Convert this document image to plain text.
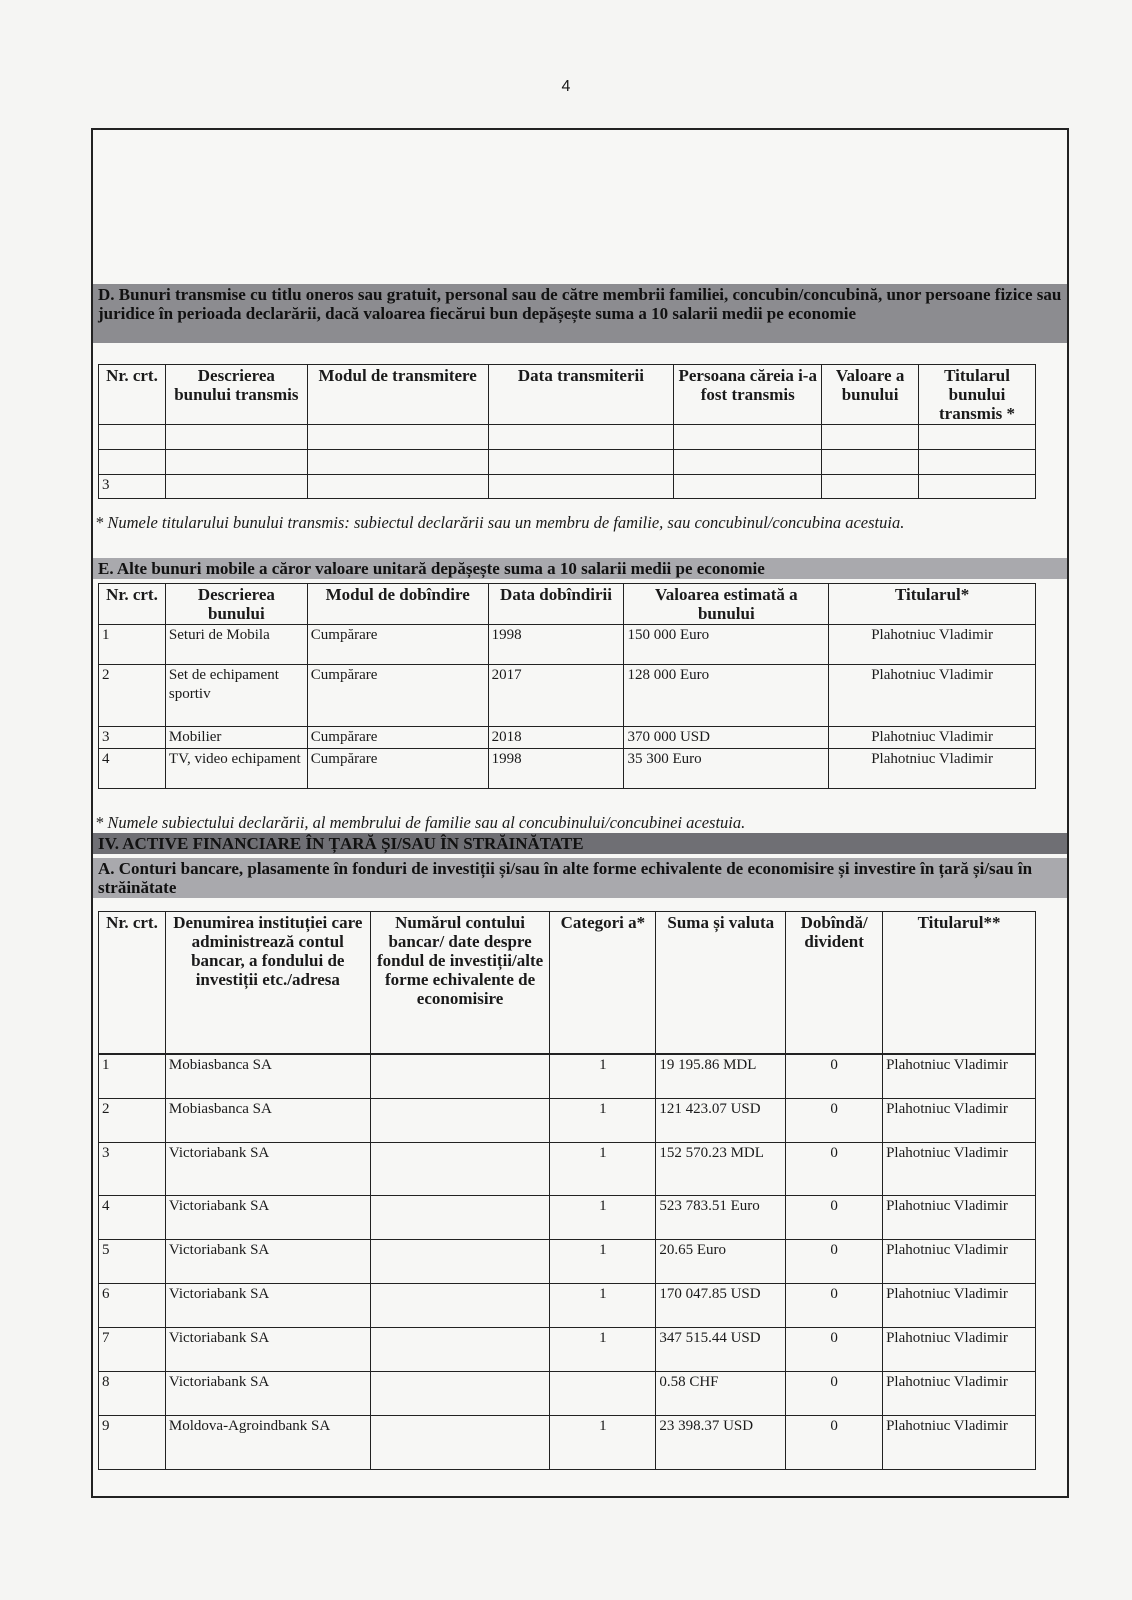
4
D. Bunuri transmise cu titlu oneros sau gratuit, personal sau de către membrii familiei, concubin/concubină, unor persoane fizice sau juridice în perioada declarării, dacă valoarea fiecărui bun depășește suma a 10 salarii medii pe economie
Nr. crt.	Descrierea bunului transmis	Modul de transmitere	Data transmiterii	Persoana căreia i-a fost transmis	Valoare a bunului	Titularul bunului transmis *

3						
* Numele titularului bunului transmis: subiectul declarării sau un membru de familie, sau concubinul/concubina acestuia.
E. Alte bunuri mobile a căror valoare unitară depășește suma a 10 salarii medii pe economie
Nr. crt.	Descrierea bunului	Modul de dobîndire	Data dobîndirii	Valoarea estimată a bunului	Titularul*
1	Seturi de Mobila	Cumpărare	1998	150 000 Euro	Plahotniuc Vladimir
2	Set de echipament sportiv	Cumpărare	2017	128 000 Euro	Plahotniuc Vladimir
3	Mobilier	Cumpărare	2018	370 000 USD	Plahotniuc Vladimir
4	TV, video echipament	Cumpărare	1998	35 300 Euro	Plahotniuc Vladimir
* Numele subiectului declarării, al membrului de familie sau al concubinului/concubinei acestuia.
IV. ACTIVE FINANCIARE ÎN ȚARĂ ȘI/SAU ÎN STRĂINĂTATE
A. Conturi bancare, plasamente în fonduri de investiții și/sau în alte forme echivalente de economisire și investire în țară și/sau în străinătate
Nr. crt.	Denumirea instituției care administrează contul bancar, a fondului de investiții etc./adresa	Numărul contului bancar/ date despre fondul de investiții/alte forme echivalente de economisire	Categori a*	Suma și valuta	Dobîndă/ divident	Titularul**
1	Mobiasbanca SA		1	19 195.86 MDL	0	Plahotniuc Vladimir
2	Mobiasbanca SA		1	121 423.07 USD	0	Plahotniuc Vladimir
3	Victoriabank SA		1	152 570.23 MDL	0	Plahotniuc Vladimir
4	Victoriabank SA		1	523 783.51 Euro	0	Plahotniuc Vladimir
5	Victoriabank SA		1	20.65 Euro	0	Plahotniuc Vladimir
6	Victoriabank SA		1	170 047.85 USD	0	Plahotniuc Vladimir
7	Victoriabank SA		1	347 515.44 USD	0	Plahotniuc Vladimir
8	Victoriabank SA			0.58 CHF	0	Plahotniuc Vladimir
9	Moldova-Agroindbank SA		1	23 398.37 USD	0	Plahotniuc Vladimir
